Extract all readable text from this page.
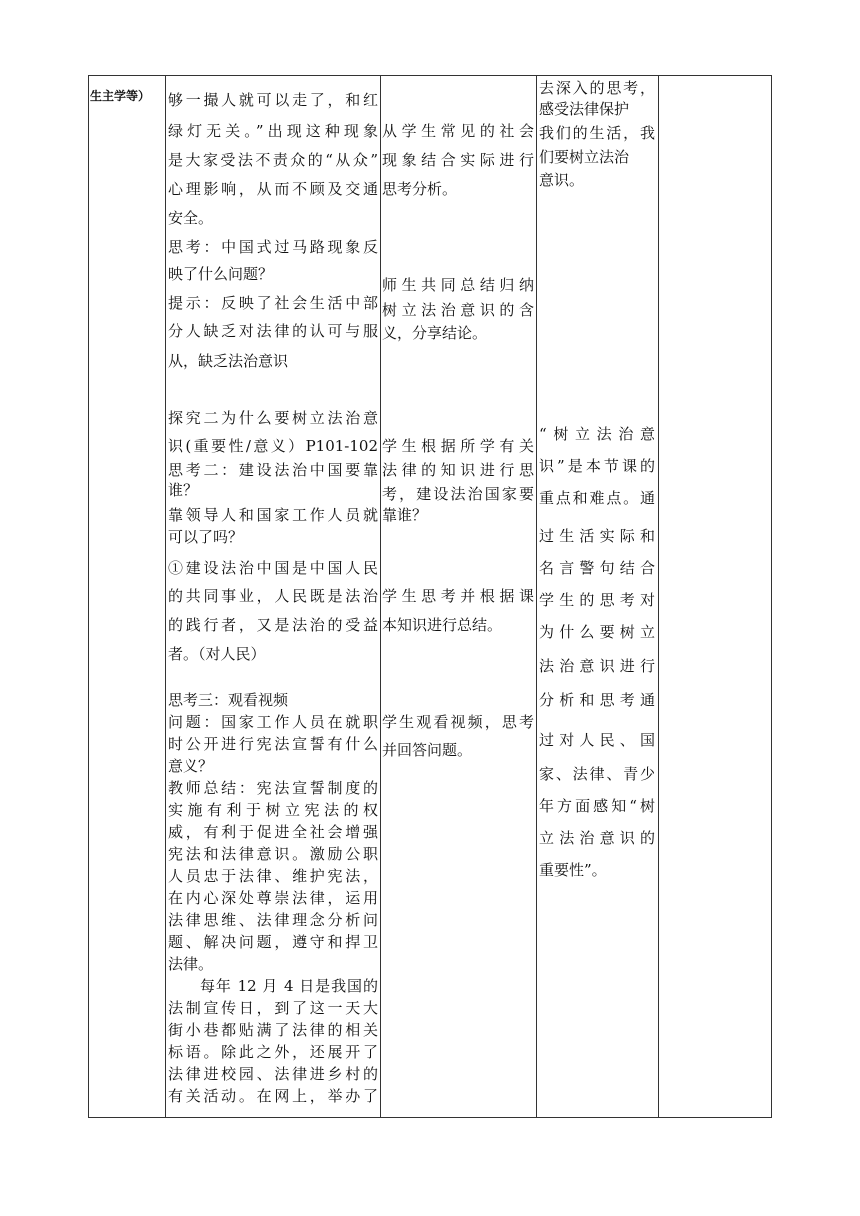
生主学等） 够一撮人就可以走了，和红
绿灯无关。”出现这种现象
是大家受法不责众的“从众”
心理影响，从而不顾及交通
安全。
思考：中国式过马路现象反
映了什么问题？
提示：反映了社会生活中部
分人缺乏对法律的认可与服
从，缺乏法治意识
探究二为什么要树立法治意
识(重要性/意义）P101-102
思考二：建设法治中国要靠
谁？
靠领导人和国家工作人员就
可以了吗？
①建设法治中国是中国人民
的共同事业，人民既是法治
的践行者，又是法治的受益
者。（对人民）
思考三：观看视频
问题：国家工作人员在就职
时公开进行宪法宣誓有什么
意义？
教师总结：宪法宣誓制度的
实施有利于树立宪法的权
威，有利于促进全社会增强
宪法和法律意识。激励公职
人员忠于法律、维护宪法，
在内心深处尊崇法律，运用
法律思维、法律理念分析问
题、解决问题，遵守和捍卫
法律。
每年 12 月 4 日是我国的
法制宣传日，到了这一天大
街小巷都贴满了法律的相关
标语。除此之外，还展开了
法律进校园、法律进乡村的
有关活动。在网上，举办了
从学生常见的社会
现象结合实际进行
思考分析。
师生共同总结归纳
树立法治意识的含
义，分享结论。
学生根据所学有关
法律的知识进行思
考，建设法治国家要
靠谁？
学生思考并根据课
本知识进行总结。
学生观看视频，思考
并回答问题。
去深入的思考，
感受法律保护
我们的生活，我
们要树立法治
意识。
“树立法治意
识”是本节课的
重点和难点。通
过生活实际和
名言警句结合
学生的思考对
为什么要树立
法治意识进行
分析和思考通
过对人民、国
家、法律、青少
年方面感知“树
立法治意识的
重要性”。
